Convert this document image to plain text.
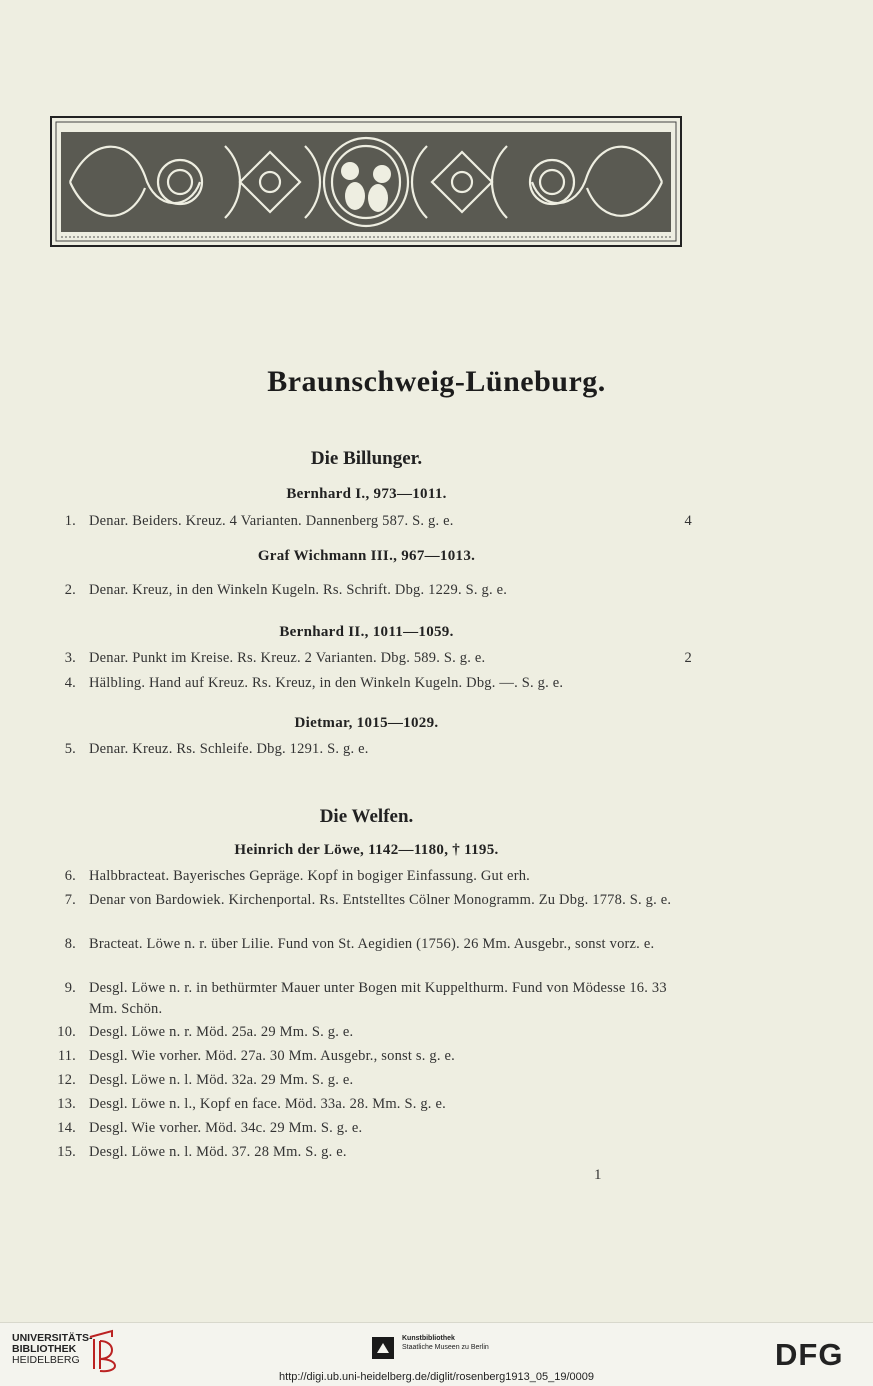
Braunschweig-Lüneburg.
Die Billunger.
Bernhard I., 973—1011.
1. Denar. Beiders. Kreuz. 4 Varianten. Dannenberg 587. S. g. e.	4
Graf Wichmann III., 967—1013.
2. Denar. Kreuz, in den Winkeln Kugeln. Rs. Schrift. Dbg. 1229. S. g. e.
Bernhard II., 1011—1059.
3. Denar. Punkt im Kreise. Rs. Kreuz. 2 Varianten. Dbg. 589. S. g. e.	2
4. Hälbling. Hand auf Kreuz. Rs. Kreuz, in den Winkeln Kugeln. Dbg. —. S. g. e.
Dietmar, 1015—1029.
5. Denar. Kreuz. Rs. Schleife. Dbg. 1291. S. g. e.
Die Welfen.
Heinrich der Löwe, 1142—1180, † 1195.
6. Halbbracteat. Bayerisches Gepräge. Kopf in bogiger Einfassung. Gut erh.
7. Denar von Bardowiek. Kirchenportal. Rs. Entstelltes Cölner Monogramm. Zu Dbg. 1778. S. g. e.
8. Bracteat. Löwe n. r. über Lilie. Fund von St. Aegidien (1756). 26 Mm. Ausgebr., sonst vorz. e.
9. Desgl. Löwe n. r. in bethürmter Mauer unter Bogen mit Kuppelthurm. Fund von Mödesse 16. 33 Mm. Schön.
10. Desgl. Löwe n. r. Möd. 25a. 29 Mm. S. g. e.
11. Desgl. Wie vorher. Möd. 27a. 30 Mm. Ausgebr., sonst s. g. e.
12. Desgl. Löwe n. l. Möd. 32a. 29 Mm. S. g. e.
13. Desgl. Löwe n. l., Kopf en face. Möd. 33a. 28. Mm. S. g. e.
14. Desgl. Wie vorher. Möd. 34c. 29 Mm. S. g. e.
15. Desgl. Löwe n. l. Möd. 37. 28 Mm. S. g. e.
1
UNIVERSITÄTS-
BIBLIOTHEK
HEIDELBERG
Kunstbibliothek
Staatliche Museen zu Berlin	DFG
http://digi.ub.uni-heidelberg.de/diglit/rosenberg1913_05_19/0009
